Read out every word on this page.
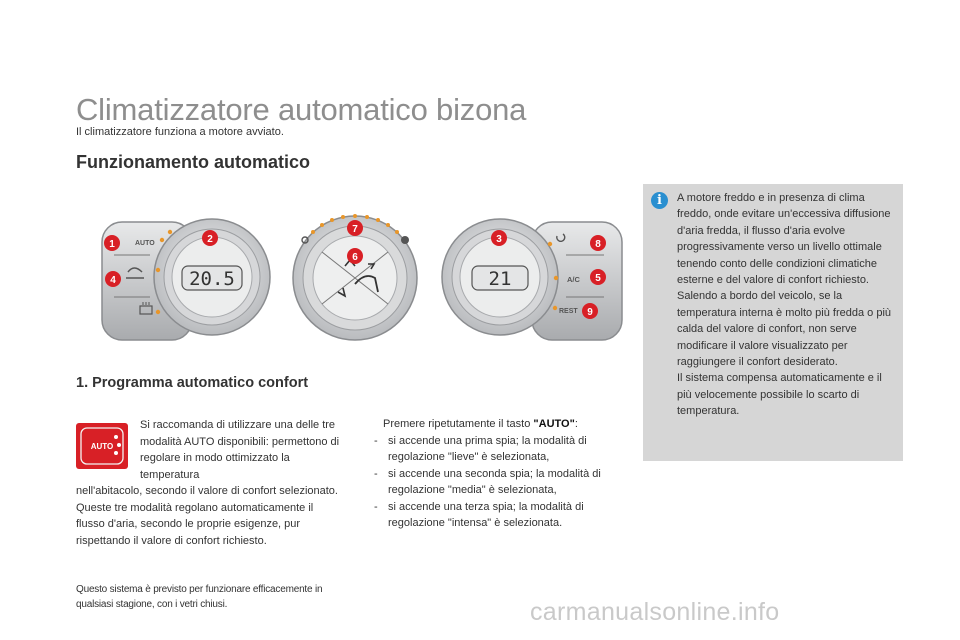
Climatizzatore automatico bizona
Il climatizzatore funziona a motore avviato.
Funzionamento automatico
20.5
AUTO
1	2
4
6
7
21	A/C
REST
3	8
5
9
1. Programma automatico confort
AUTO
Si raccomanda di utilizzare una delle tre modalità AUTO disponibili: permettono di regolare in modo ottimizzato la temperatura
nell'abitacolo, secondo il valore di confort selezionato.
Queste tre modalità regolano automaticamente il flusso d'aria, secondo le proprie esigenze, pur rispettando il valore di confort richiesto.
Questo sistema è previsto per funzionare efficacemente in qualsiasi stagione, con i vetri chiusi.
Premere ripetutamente il tasto "AUTO":
- si accende una prima spia; la modalità di regolazione "lieve" è selezionata,
- si accende una seconda spia; la modalità di regolazione "media" è selezionata,
- si accende una terza spia; la modalità di regolazione "intensa" è selezionata.
i	A motore freddo e in presenza di clima freddo, onde evitare un'eccessiva diffusione d'aria fredda, il flusso d'aria evolve progressivamente verso un livello ottimale tenendo conto delle condizioni climatiche esterne e del valore di confort richiesto.
Salendo a bordo del veicolo, se la temperatura interna è molto più fredda o più calda del valore di confort, non serve modificare il valore visualizzato per raggiungere il confort desiderato.
Il sistema compensa automaticamente e il più velocemente possibile lo scarto di temperatura.
carmanualsonline.info
